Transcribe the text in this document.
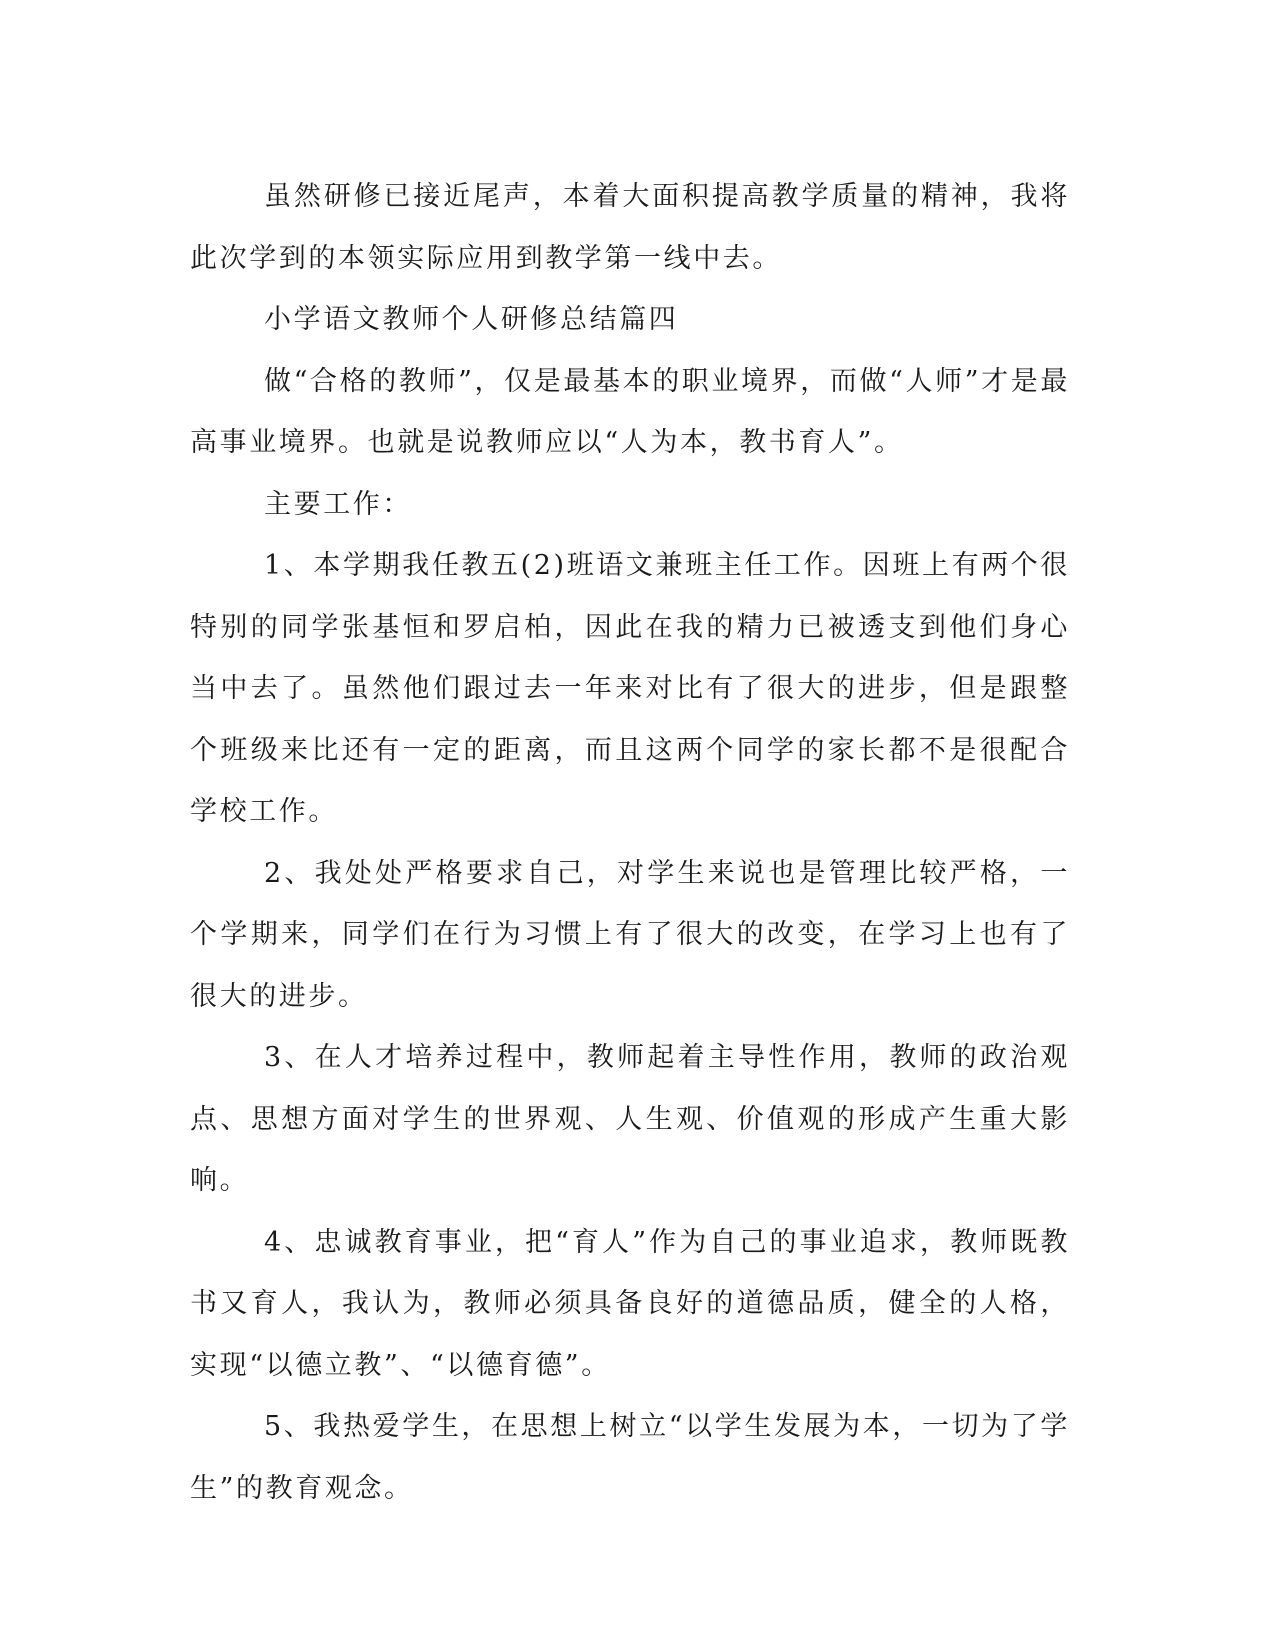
虽然研修已接近尾声，本着大面积提高教学质量的精神，我将此次学到的本领实际应用到教学第一线中去。

小学语文教师个人研修总结篇四

做“合格的教师”，仅是最基本的职业境界，而做“人师”才是最高事业境界。也就是说教师应以“人为本，教书育人”。

主要工作：

1、本学期我任教五(2)班语文兼班主任工作。因班上有两个很特别的同学张基恒和罗启柏，因此在我的精力已被透支到他们身心当中去了。虽然他们跟过去一年来对比有了很大的进步，但是跟整个班级来比还有一定的距离，而且这两个同学的家长都不是很配合学校工作。

2、我处处严格要求自己，对学生来说也是管理比较严格，一个学期来，同学们在行为习惯上有了很大的改变，在学习上也有了很大的进步。

3、在人才培养过程中，教师起着主导性作用，教师的政治观点、思想方面对学生的世界观、人生观、价值观的形成产生重大影响。

4、忠诚教育事业，把“育人”作为自己的事业追求，教师既教书又育人，我认为，教师必须具备良好的道德品质，健全的人格，实现“以德立教”、“以德育德”。

5、我热爱学生，在思想上树立“以学生发展为本，一切为了学生”的教育观念。
